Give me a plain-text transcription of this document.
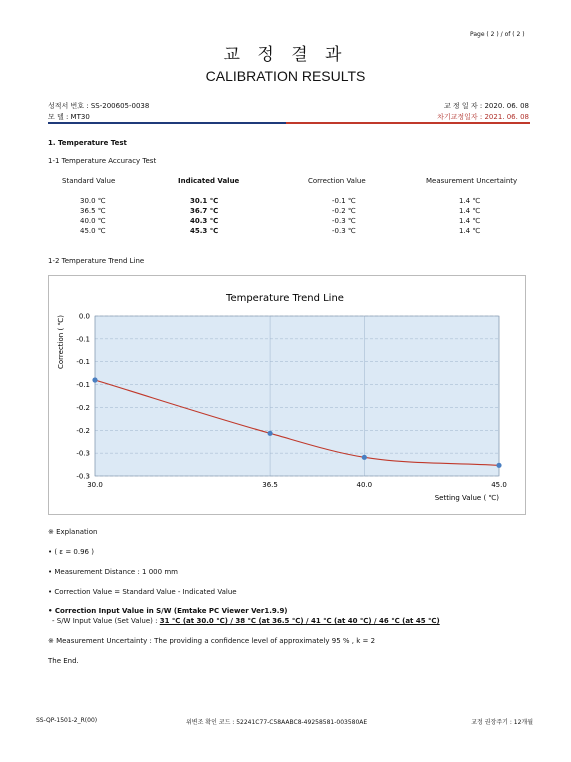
Page ( 2 ) / of ( 2 )
교 정 결 과
CALIBRATION RESULTS
성적서 번호 : SS-200605-0038
모 델 : MT30
교 정 일 자 : 2020. 06. 08
차기교정일자 : 2021. 06. 08
1. Temperature Test
1-1 Temperature Accuracy Test
Standard Value	Indicated Value	Correction Value	Measurement Uncertainty
30.0 ℃	30.1 ℃	-0.1 ℃	1.4 ℃
36.5 ℃	36.7 ℃	-0.2 ℃	1.4 ℃
40.0 ℃	40.3 ℃	-0.3 ℃	1.4 ℃
45.0 ℃	45.3 ℃	-0.3 ℃	1.4 ℃
1-2 Temperature Trend Line
Temperature Trend Line
Correction ( ℃)
Setting Value ( ℃)
0.0
-0.1
-0.1
-0.1
-0.2
-0.2
-0.3
-0.3
30.0	36.5	40.0	45.0
※ Explanation
• ( ε = 0.96 )
• Measurement Distance : 1 000 mm
• Correction Value = Standard Value - Indicated Value
• Correction Input Value in S/W (Emtake PC Viewer Ver1.9.9)
- S/W Input Value (Set Value) : 31 ℃ (at 30.0 ℃) / 38 ℃ (at 36.5 ℃) / 41 ℃ (at 40 ℃) / 46 ℃ (at 45 ℃)
※ Measurement Uncertainty : The providing a confidence level of approximately 95 % , k = 2
The End.
SS-QP-1501-2_R(00)	위변조 확인 코드 : 52241C77-C58AABC8-49258581-003580AE	교정 권장주기 : 12개월
